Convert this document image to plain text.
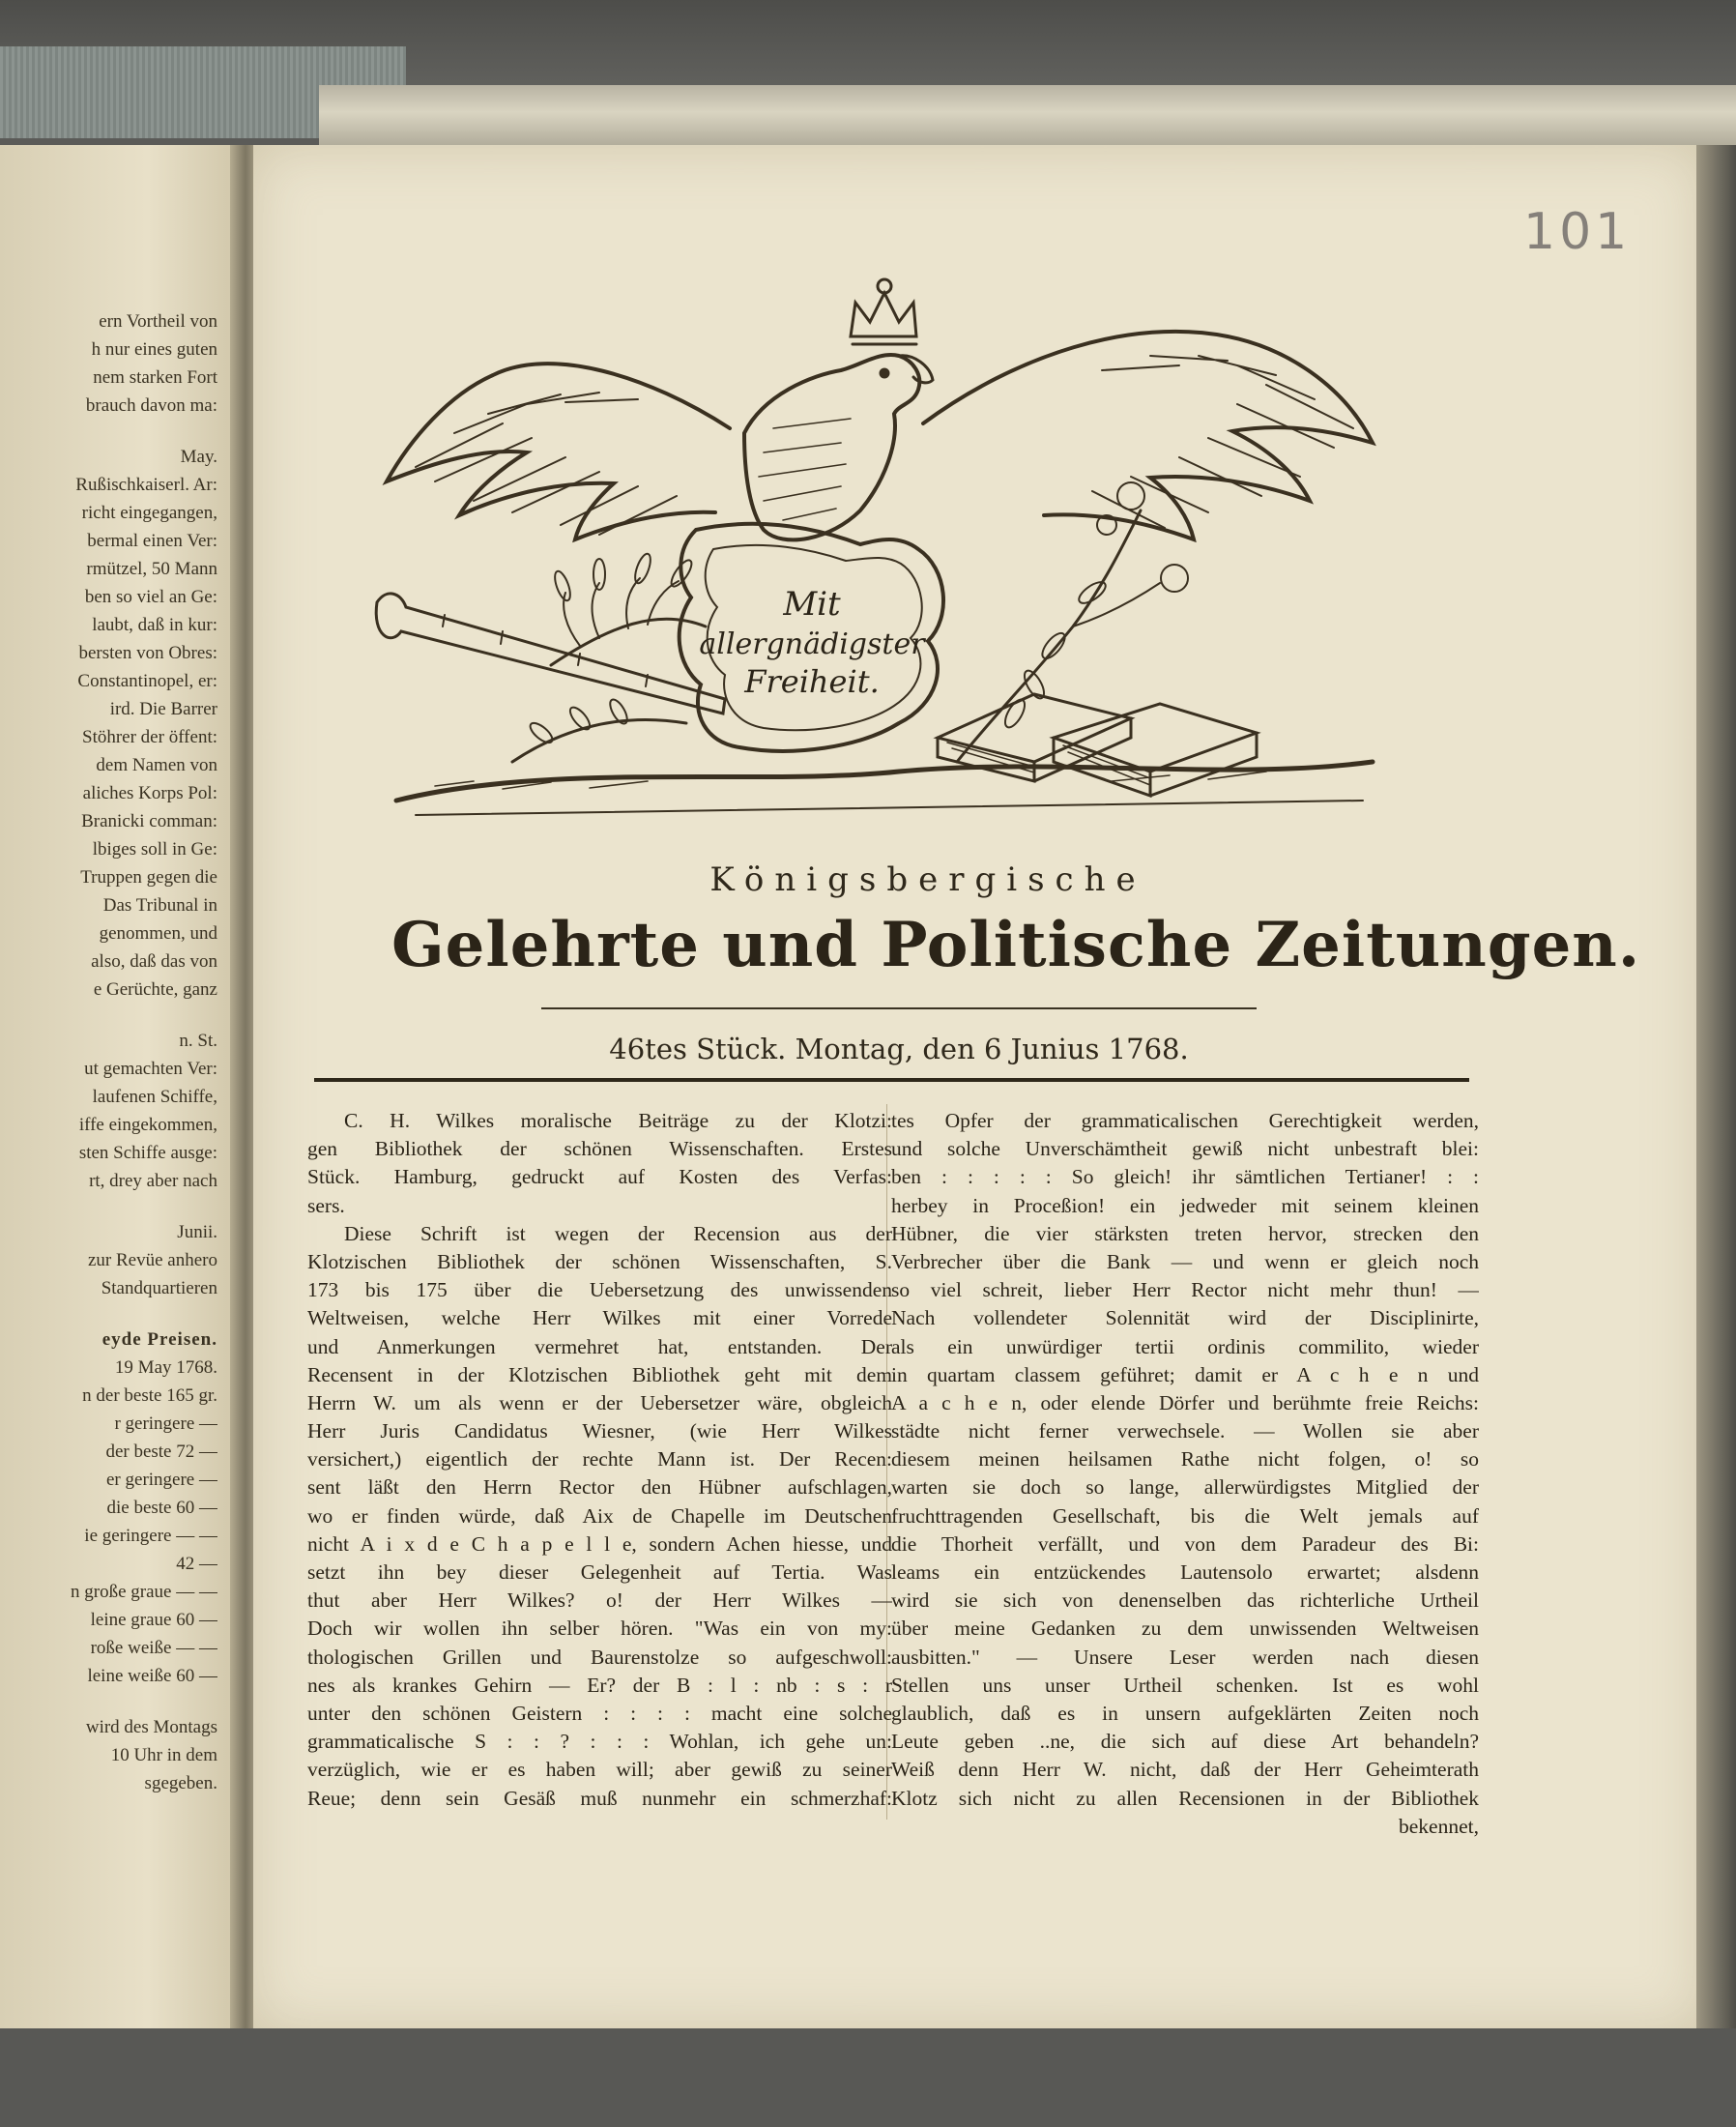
ern Vortheil von
h nur eines guten
nem starken Fort
brauch davon ma:
May.
Rußischkaiserl. Ar:
richt eingegangen,
bermal einen Ver:
rmützel, 50 Mann
ben so viel an Ge:
laubt, daß in kur:
bersten von Obres:
Constantinopel, er:
ird. Die Barrer
Stöhrer der öffent:
dem Namen von
aliches Korps Pol:
Branicki comman:
lbiges soll in Ge:
Truppen gegen die
Das Tribunal in
genommen, und
also, daß das von
e Gerüchte, ganz
n. St.
ut gemachten Ver:
laufenen Schiffe,
iffe eingekommen,
sten Schiffe ausge:
rt, drey aber nach
Junii.
zur Revüe anhero
Standquartieren
eyde Preisen.
19 May 1768.
n der beste 165 gr.
r geringere —
der beste 72 —
er geringere —
die beste 60 —
ie geringere — —
42 —
n große graue — —
leine graue 60 —
roße weiße — —
leine weiße 60 —
wird des Montags
10 Uhr in dem
sgegeben.
101
Mit
allergnädigster
Freiheit.
Königsbergische
Gelehrte und Politische Zeitungen.
46tes Stück. Montag, den 6 Junius 1768.
C. H. Wilkes moralische Beiträge zu der Klotzi:
gen Bibliothek der schönen Wissenschaften. Erstes
Stück. Hamburg, gedruckt auf Kosten des Verfas:
sers.
Diese Schrift ist wegen der Recension aus der
Klotzischen Bibliothek der schönen Wissenschaften, S.
173 bis 175 über die Uebersetzung des unwissenden
Weltweisen, welche Herr Wilkes mit einer Vorrede
und Anmerkungen vermehret hat, entstanden. Der
Recensent in der Klotzischen Bibliothek geht mit dem
Herrn W. um als wenn er der Uebersetzer wäre, obgleich
Herr Juris Candidatus Wiesner, (wie Herr Wilkes
versichert,) eigentlich der rechte Mann ist. Der Recen:
sent läßt den Herrn Rector den Hübner aufschlagen,
wo er finden würde, daß Aix de Chapelle im Deutschen
nicht A i x d e C h a p e l l e, sondern Achen hiesse, und
setzt ihn bey dieser Gelegenheit auf Tertia. Was
thut aber Herr Wilkes? o! der Herr Wilkes —
Doch wir wollen ihn selber hören. "Was ein von my:
thologischen Grillen und Baurenstolze so aufgeschwoll:
nes als krankes Gehirn — Er? der B : l : nb : s : r
unter den schönen Geistern : : : : macht eine solche
grammaticalische S : : ? : : : Wohlan, ich gehe un:
verzüglich, wie er es haben will; aber gewiß zu seiner
Reue; denn sein Gesäß muß nunmehr ein schmerzhaf:
tes Opfer der grammaticalischen Gerechtigkeit werden,
und solche Unverschämtheit gewiß nicht unbestraft blei:
ben : : : : : So gleich! ihr sämtlichen Tertianer! : :
herbey in Proceßion! ein jedweder mit seinem kleinen
Hübner, die vier stärksten treten hervor, strecken den
Verbrecher über die Bank — und wenn er gleich noch
so viel schreit, lieber Herr Rector nicht mehr thun! —
Nach vollendeter Solennität wird der Disciplinirte,
als ein unwürdiger tertii ordinis commilito, wieder
in quartam classem geführet; damit er A c h e n und
A a c h e n, oder elende Dörfer und berühmte freie Reichs:
städte nicht ferner verwechsele. — Wollen sie aber
diesem meinen heilsamen Rathe nicht folgen, o! so
warten sie doch so lange, allerwürdigstes Mitglied der
fruchttragenden Gesellschaft, bis die Welt jemals auf
die Thorheit verfällt, und von dem Paradeur des Bi:
leams ein entzückendes Lautensolo erwartet; alsdenn
wird sie sich von denenselben das richterliche Urtheil
über meine Gedanken zu dem unwissenden Weltweisen
ausbitten." — Unsere Leser werden nach diesen
Stellen uns unser Urtheil schenken. Ist es wohl
glaublich, daß es in unsern aufgeklärten Zeiten noch
Leute geben ..ne, die sich auf diese Art behandeln?
Weiß denn Herr W. nicht, daß der Herr Geheimterath
Klotz sich nicht zu allen Recensionen in der Bibliothek
bekennet,
